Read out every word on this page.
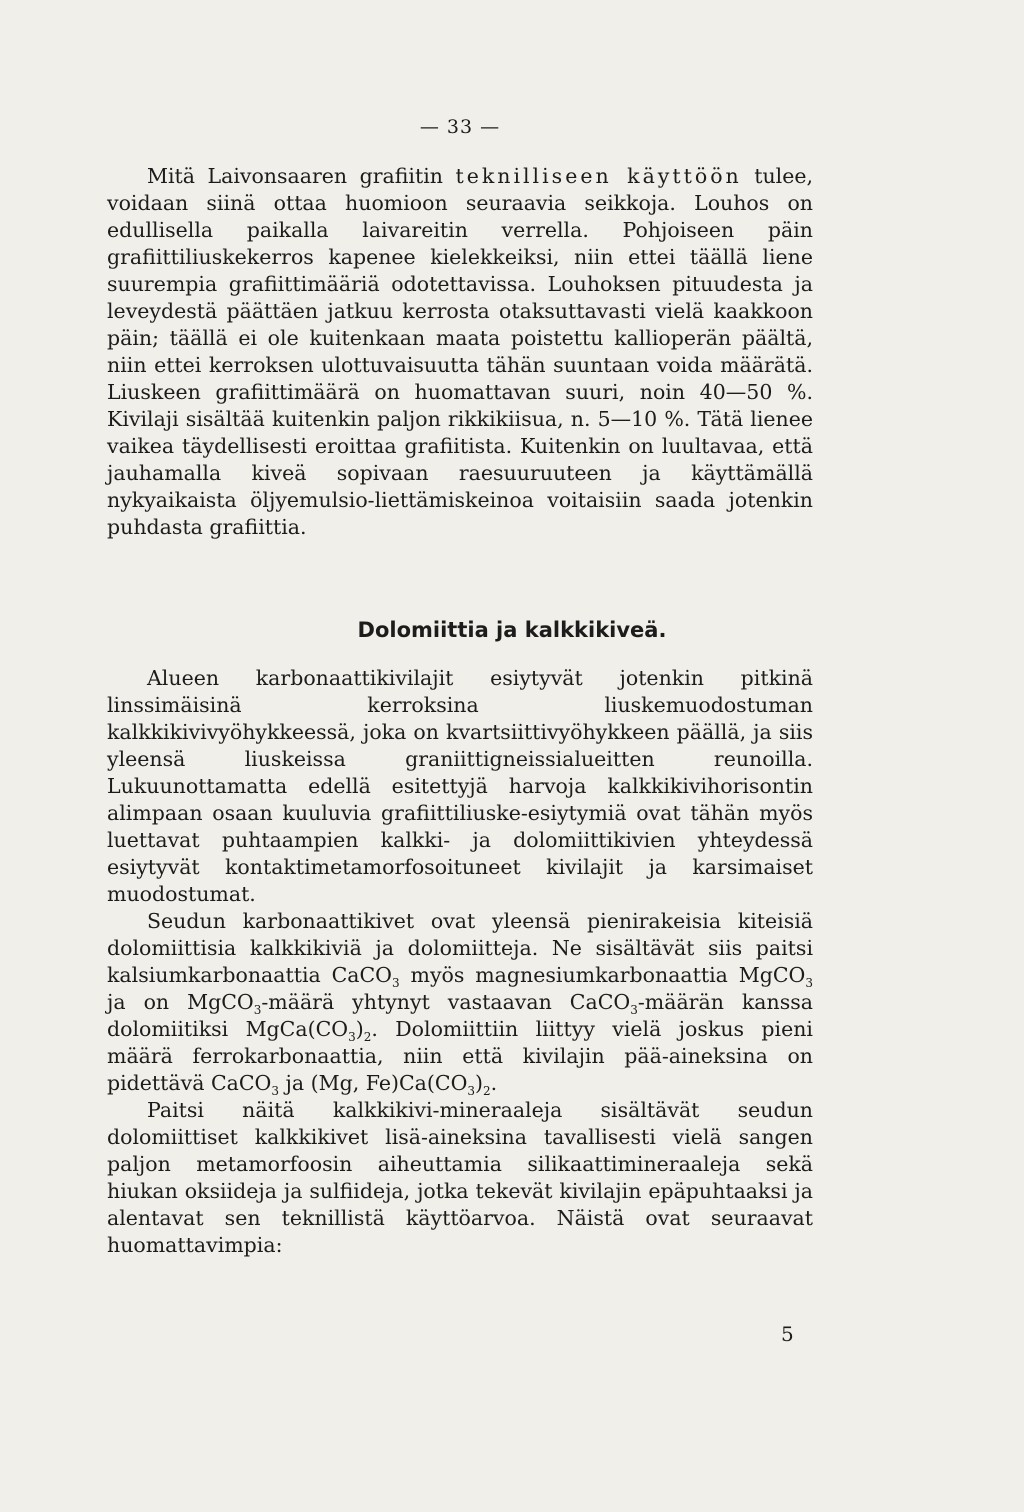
— 33 —

Mitä Laivonsaaren grafiitin teknilliseen käyttöön tulee, voidaan siinä ottaa huomioon seuraavia seikkoja. Louhos on edullisella paikalla laivareitin verrella. Pohjoiseen päin grafiittiliuskekerros kapenee kielekkeiksi, niin ettei täällä liene suurempia grafiittimääriä odotettavissa. Louhoksen pituudesta ja leveydestä päättäen jatkuu kerrosta otaksuttavasti vielä kaakkoon päin; täällä ei ole kuitenkaan maata poistettu kallioperän päältä, niin ettei kerroksen ulottuvaisuutta tähän suuntaan voida määrätä. Liuskeen grafiittimäärä on huomattavan suuri, noin 40—50 %. Kivilaji sisältää kuitenkin paljon rikkikiisua, n. 5—10 %. Tätä lienee vaikea täydellisesti eroittaa grafiitista. Kuitenkin on luultavaa, että jauhamalla kiveä sopivaan raesuuruuteen ja käyttämällä nykyaikaista öljyemulsio-liettämiskeinoa voitaisiin saada jotenkin puhdasta grafiittia.

Dolomiittia ja kalkkikiveä.

Alueen karbonaattikivilajit esiytyvät jotenkin pitkinä linssimäisinä kerroksina liuskemuodostuman kalkkikivivyöhykkeessä, joka on kvartsiittivyöhykkeen päällä, ja siis yleensä liuskeissa graniittigneissialueitten reunoilla. Lukuunottamatta edellä esitettyjä harvoja kalkkikivihorisontin alimpaan osaan kuuluvia grafiittiliuske-esiytymiä ovat tähän myös luettavat puhtaampien kalkki- ja dolomiittikivien yhteydessä esiytyvät kontaktimetamorfosoituneet kivilajit ja karsimaiset muodostumat.

Seudun karbonaattikivet ovat yleensä pienirakeisia kiteisiä dolomiittisia kalkkikiviä ja dolomiitteja. Ne sisältävät siis paitsi kalsiumkarbonaattia CaCO$_3$ myös magnesiumkarbonaattia MgCO$_3$ ja on MgCO$_3$-määrä yhtynyt vastaavan CaCO$_3$-määrän kanssa dolomiitiksi $MgCa(CO_3)_2$. Dolomiittiin liittyy vielä joskus pieni määrä ferrokarbonaattia, niin että kivilajin pää-aineksina on pidettävä CaCO$_3$ ja (Mg, $Fe)Ca(CO_3)_2$.

Paitsi näitä kalkkikivi-mineraaleja sisältävät seudun dolomiittiset kalkkikivet lisä-aineksina tavallisesti vielä sangen paljon metamorfoosin aiheuttamia silikaattimineraaleja sekä hiukan oksiideja ja sulfiideja, jotka tekevät kivilajin epäpuhtaaksi ja alentavat sen teknillistä käyttöarvoa. Näistä ovat seuraavat huomattavimpia:

5
